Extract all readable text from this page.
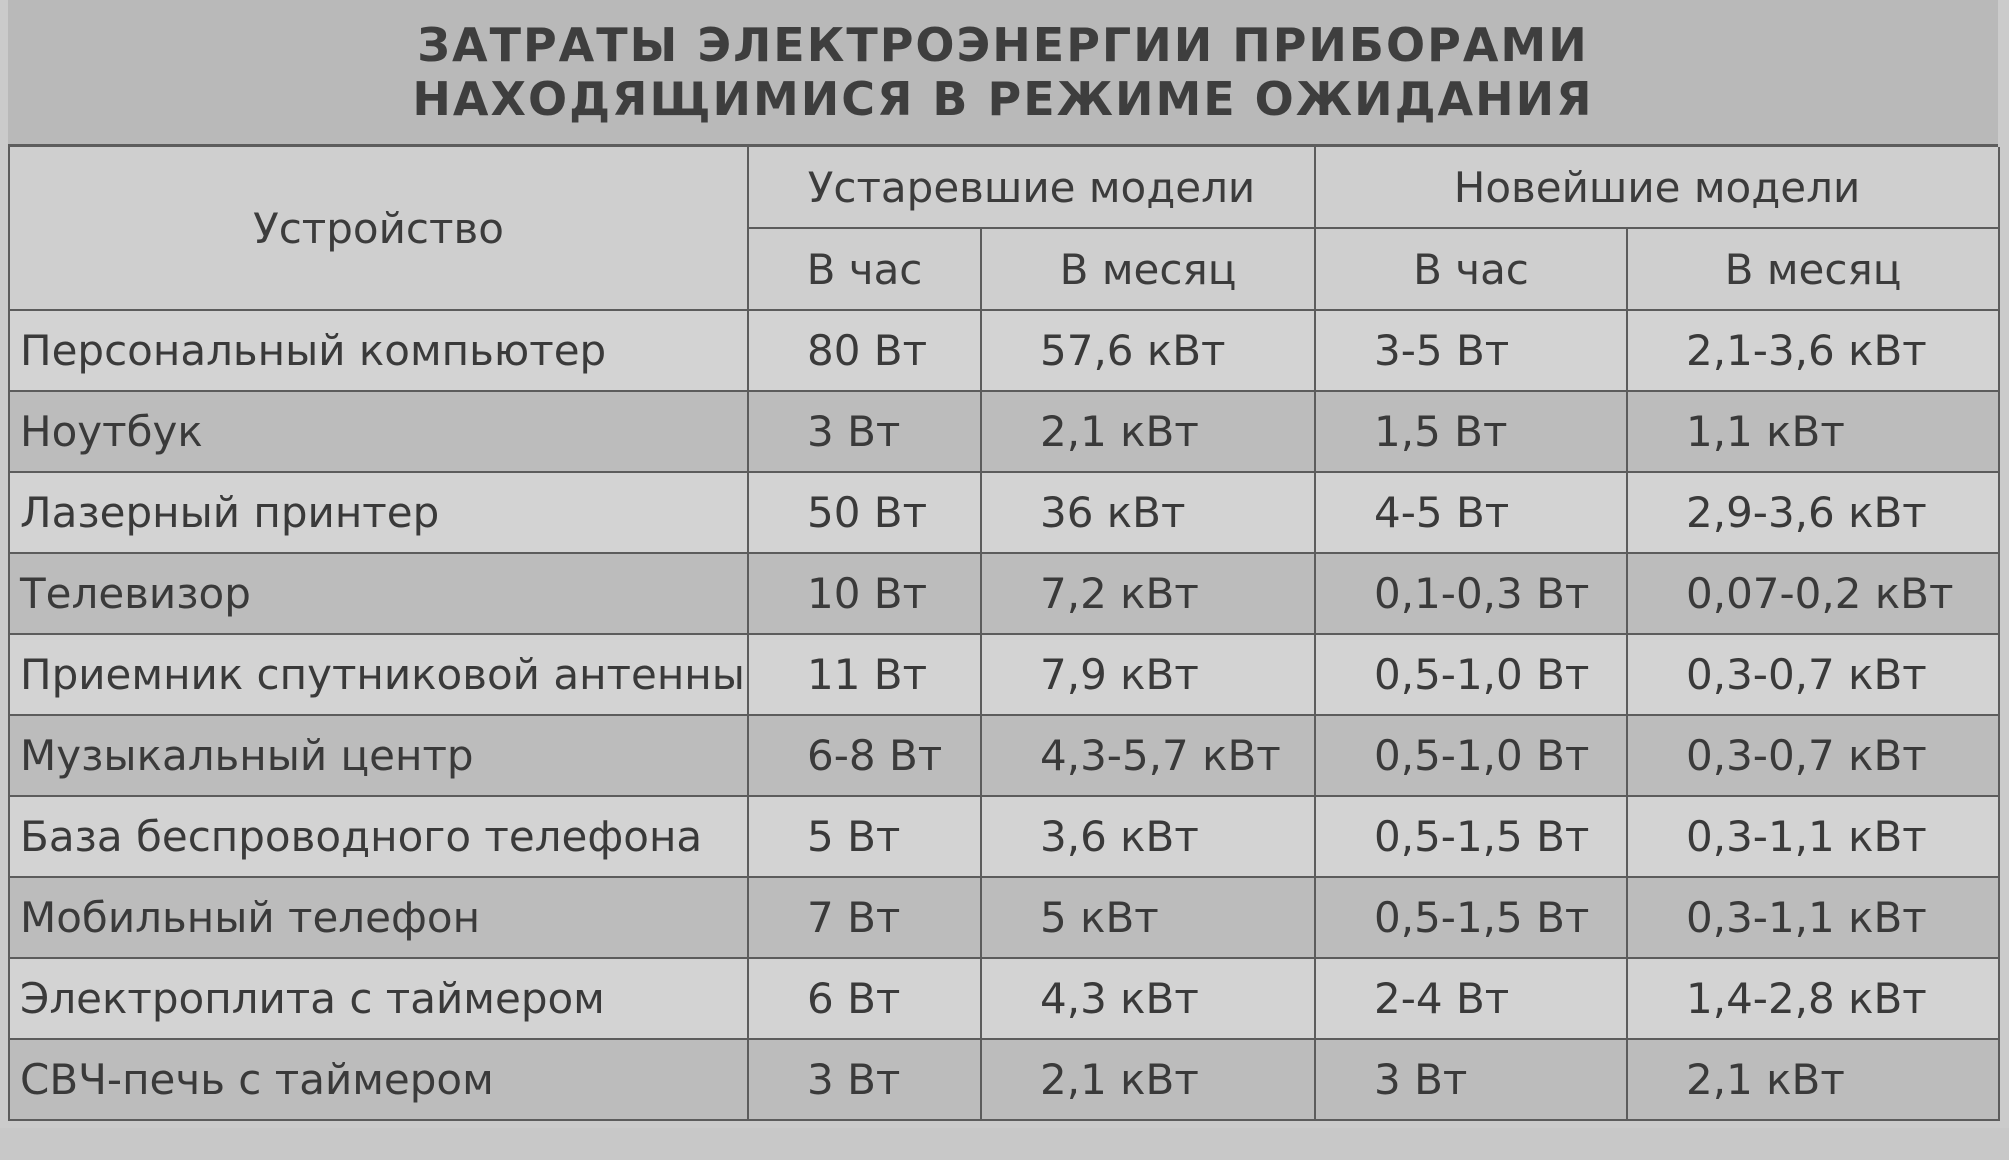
ЗАТРАТЫ ЭЛЕКТРОЭНЕРГИИ ПРИБОРАМИ
НАХОДЯЩИМИСЯ В РЕЖИМЕ ОЖИДАНИЯ
Устройство	Устаревшие модели		Новейшие модели	
	В час	В месяц	В час	В месяц
Персональный компьютер	80 Вт	57,6 кВт	3-5 Вт	2,1-3,6 кВт
Ноутбук	3 Вт	2,1 кВт	1,5 Вт	1,1 кВт
Лазерный принтер	50 Вт	36 кВт	4-5 Вт	2,9-3,6 кВт
Телевизор	10 Вт	7,2 кВт	0,1-0,3 Вт	0,07-0,2 кВт
Приемник спутниковой антенны	11 Вт	7,9 кВт	0,5-1,0 Вт	0,3-0,7 кВт
Музыкальный центр	6-8 Вт	4,3-5,7 кВт	0,5-1,0 Вт	0,3-0,7 кВт
База беспроводного телефона	5 Вт	3,6 кВт	0,5-1,5 Вт	0,3-1,1 кВт
Мобильный телефон	7 Вт	5 кВт	0,5-1,5 Вт	0,3-1,1 кВт
Электроплита с таймером	6 Вт	4,3 кВт	2-4 Вт	1,4-2,8 кВт
СВЧ-печь с таймером	3 Вт	2,1 кВт	3 Вт	2,1 кВт
